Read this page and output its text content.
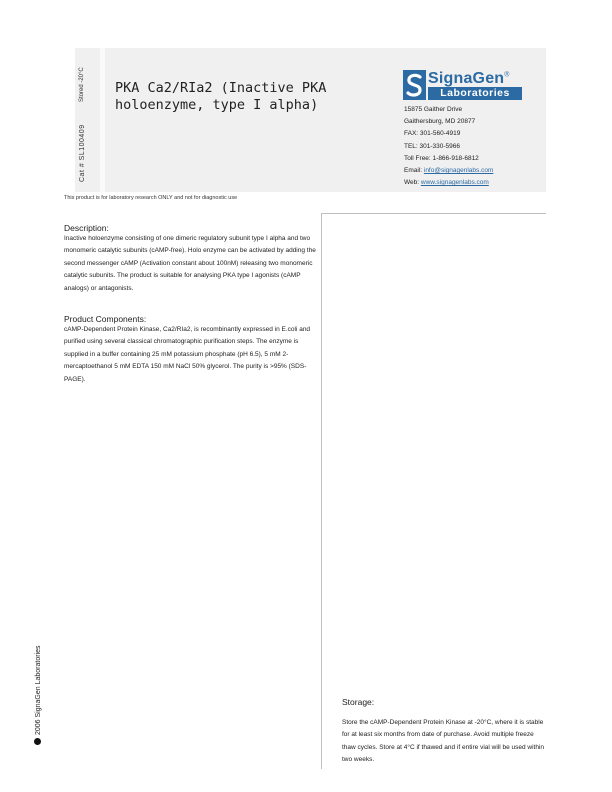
Cat # SL100409
Stored -20°C PKA Ca2/RIa2 (Inactive PKA holoenzyme, type I alpha)
SignaGen®
Laboratories
15875 Gaither Drive
Gaithersburg, MD 20877
FAX: 301-560-4919
TEL: 301-330-5966
Toll Free: 1-866-918-6812
Email: info@signagenlabs.com
Web: www.signagenlabs.com
This product is for laboratory research ONLY and not for diagnostic use
Description:
Inactive holoenzyme consisting of one dimeric regulatory subunit type I alpha and two monomeric catalytic subunits (cAMP-free). Holo enzyme can be activated by adding the second messenger cAMP (Activation constant about 100nM) releasing two monomeric catalytic subunits. The product is suitable for analysing PKA type I agonists (cAMP analogs) or antagonists.
Product Components:
cAMP-Dependent Protein Kinase, Ca2/RIa2, is recombinantly expressed in E.coli and purified using several classical chromatographic purification steps. The enzyme is supplied in a buffer containing 25 mM potassium phosphate (pH 6.5), 5 mM 2-mercaptoethanol 5 mM EDTA 150 mM NaCl 50% glycerol. The purity is >95% (SDS-PAGE).
Storage:
Store the cAMP-Dependent Protein Kinase at -20°C, where it is stable for at least six months from date of purchase. Avoid multiple freeze thaw cycles. Store at 4°C if thawed and if entire vial will be used within two weeks.
2006 SignaGen Laboratories
